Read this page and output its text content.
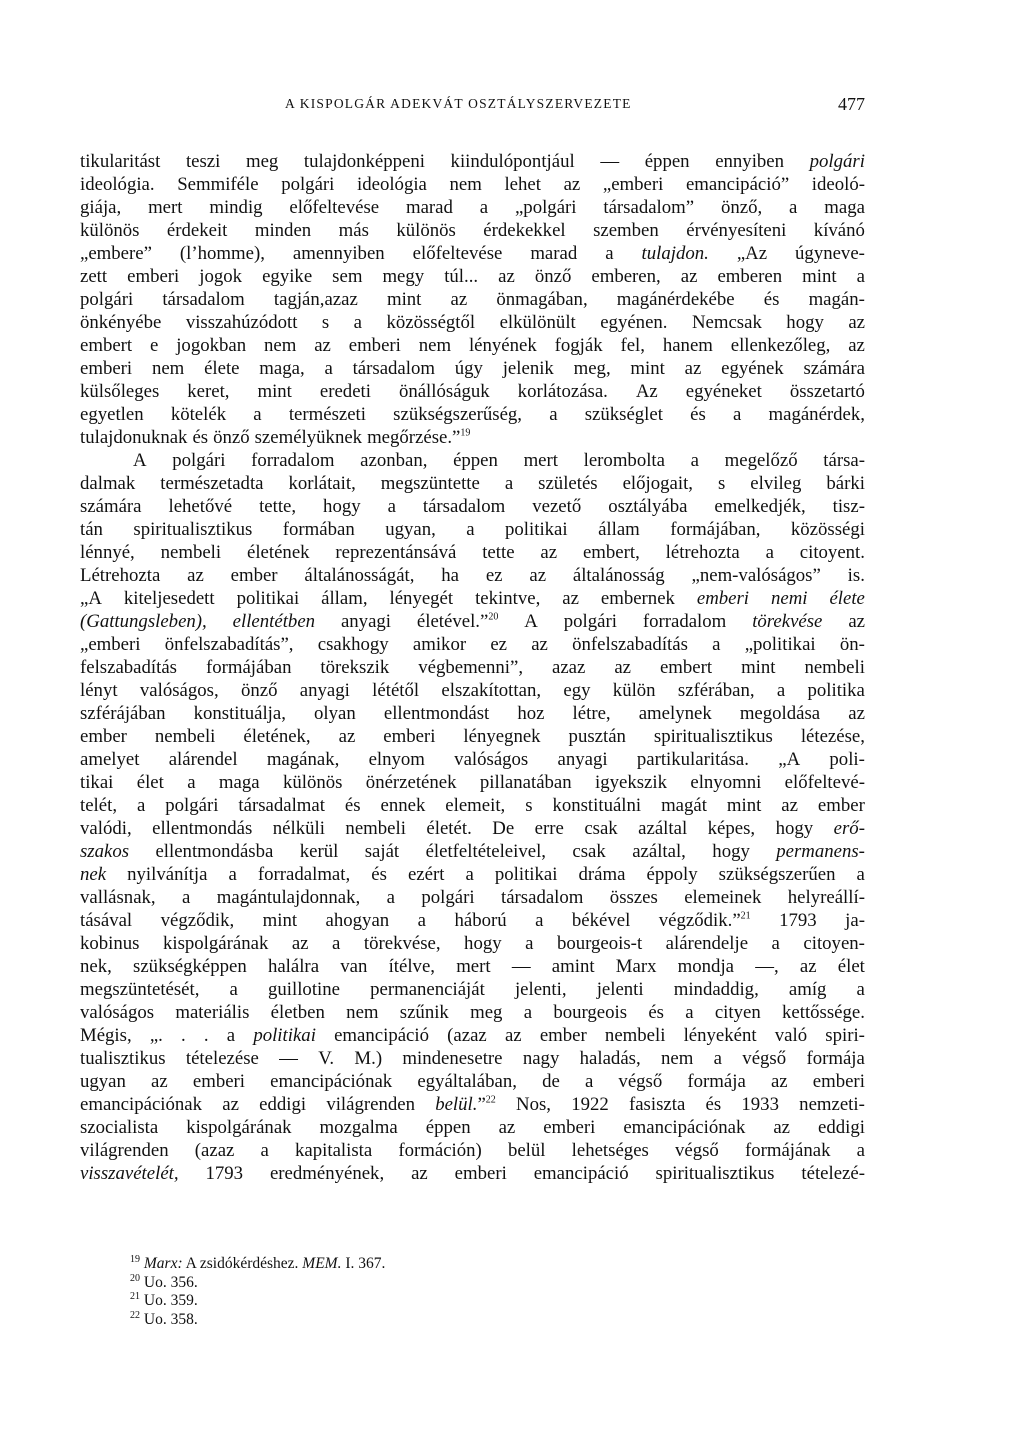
A KISPOLGÁR ADEKVÁT OSZTÁLYSZERVEZETE	477
tikularitást teszi meg tulajdonképpeni kiindulópontjául — éppen ennyiben polgári
ideológia. Semmiféle polgári ideológia nem lehet az „emberi emancipáció” ideoló-
giája, mert mindig előfeltevése marad a „polgári társadalom” önző, a maga
különös érdekeit minden más különös érdekekkel szemben érvényesíteni kívánó
„embere” (l’homme), amennyiben előfeltevése marad a tulajdon. „Az úgyneve-
zett emberi jogok egyike sem megy túl... az önző emberen, az emberen mint a
polgári társadalom tagján,azaz mint az önmagában, magánérdekébe és magán-
önkényébe visszahúzódott s a közösségtől elkülönült egyénen. Nemcsak hogy az
embert e jogokban nem az emberi nem lényének fogják fel, hanem ellenkezőleg, az
emberi nem élete maga, a társadalom úgy jelenik meg, mint az egyének számára
külsőleges keret, mint eredeti önállóságuk korlátozása. Az egyéneket összetartó
egyetlen kötelék a természeti szükségszerűség, a szükséglet és a magánérdek,
tulajdonuknak és önző személyüknek megőrzése.”$^{19}$
A polgári forradalom azonban, éppen mert lerombolta a megelőző társa-
dalmak természetadta korlátait, megszüntette a születés előjogait, s elvileg bárki
számára lehetővé tette, hogy a társadalom vezető osztályába emelkedjék, tisz-
tán spiritualisztikus formában ugyan, a politikai állam formájában, közösségi
lénnyé, nembeli életének reprezentánsává tette az embert, létrehozta a citoyent.
Létrehozta az ember általánosságát, ha ez az általánosság „nem-valóságos” is.
„A kiteljesedett politikai állam, lényegét tekintve, az embernek emberi nemi élete
(Gattungsleben), ellentétben anyagi életével.”$^{20}$ A polgári forradalom törekvése az
„emberi önfelszabadítás”, csakhogy amikor ez az önfelszabadítás a „politikai ön-
felszabadítás formájában törekszik végbemenni”, azaz az embert mint nembeli
lényt valóságos, önző anyagi lététől elszakítottan, egy külön szférában, a politika
szférájában konstituálja, olyan ellentmondást hoz létre, amelynek megoldása az
ember nembeli életének, az emberi lényegnek pusztán spiritualisztikus létezése,
amelyet alárendel magának, elnyom valóságos anyagi partikularitása. „A poli-
tikai élet a maga különös önérzetének pillanatában igyekszik elnyomni előfeltevé-
telét, a polgári társadalmat és ennek elemeit, s konstituálni magát mint az ember
valódi, ellentmondás nélküli nembeli életét. De erre csak azáltal képes, hogy erő-
szakos ellentmondásba kerül saját életfeltételeivel, csak azáltal, hogy permanens-
nek nyilvánítja a forradalmat, és ezért a politikai dráma éppoly szükségszerűen a
vallásnak, a magántulajdonnak, a polgári társadalom összes elemeinek helyreállí-
tásával végződik, mint ahogyan a háború a békével végződik.”$^{21}$ 1793 ja-
kobinus kispolgárának az a törekvése, hogy a bourgeois-t alárendelje a citoyen-
nek, szükségképpen halálra van ítélve, mert — amint Marx mondja —, az élet
megszüntetését, a guillotine permanenciáját jelenti, jelenti mindaddig, amíg a
valóságos materiális életben nem szűnik meg a bourgeois és a cityen kettőssége.
Mégis, „. . . a politikai emancipáció (azaz az ember nembeli lényeként való spiri-
tualisztikus tételezése — V. M.) mindenesetre nagy haladás, nem a végső formája
ugyan az emberi emancipációnak egyáltalában, de a végső formája az emberi
emancipációnak az eddigi világrenden belül.”$^{22}$ Nos, 1922 fasiszta és 1933 nemzeti-
szocialista kispolgárának mozgalma éppen az emberi emancipációnak az eddigi
világrenden (azaz a kapitalista formáción) belül lehetséges végső formájának a
visszavételét, 1793 eredményének, az emberi emancipáció spiritualisztikus tételezé-
$^{19}$ Marx: A zsidókérdéshez. MEM. I. 367.
$^{20}$ Uo. 356.
$^{21}$ Uo. 359.
$^{22}$ Uo. 358.
